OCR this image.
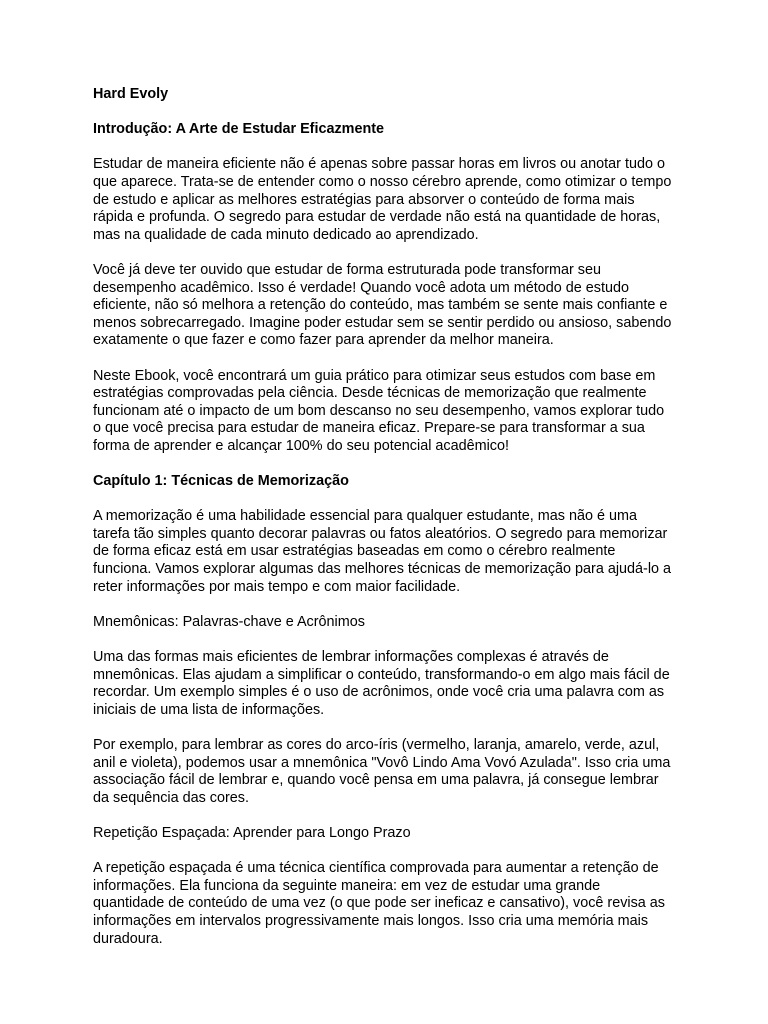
Hard Evoly

Introdução: A Arte de Estudar Eficazmente

Estudar de maneira eficiente não é apenas sobre passar horas em livros ou anotar tudo o que aparece. Trata-se de entender como o nosso cérebro aprende, como otimizar o tempo de estudo e aplicar as melhores estratégias para absorver o conteúdo de forma mais rápida e profunda. O segredo para estudar de verdade não está na quantidade de horas, mas na qualidade de cada minuto dedicado ao aprendizado.

Você já deve ter ouvido que estudar de forma estruturada pode transformar seu desempenho acadêmico. Isso é verdade! Quando você adota um método de estudo eficiente, não só melhora a retenção do conteúdo, mas também se sente mais confiante e menos sobrecarregado. Imagine poder estudar sem se sentir perdido ou ansioso, sabendo exatamente o que fazer e como fazer para aprender da melhor maneira.

Neste Ebook, você encontrará um guia prático para otimizar seus estudos com base em estratégias comprovadas pela ciência. Desde técnicas de memorização que realmente funcionam até o impacto de um bom descanso no seu desempenho, vamos explorar tudo o que você precisa para estudar de maneira eficaz. Prepare-se para transformar a sua forma de aprender e alcançar 100% do seu potencial acadêmico!

Capítulo 1: Técnicas de Memorização

A memorização é uma habilidade essencial para qualquer estudante, mas não é uma tarefa tão simples quanto decorar palavras ou fatos aleatórios. O segredo para memorizar de forma eficaz está em usar estratégias baseadas em como o cérebro realmente funciona. Vamos explorar algumas das melhores técnicas de memorização para ajudá-lo a reter informações por mais tempo e com maior facilidade.

Mnemônicas: Palavras-chave e Acrônimos

Uma das formas mais eficientes de lembrar informações complexas é através de mnemônicas. Elas ajudam a simplificar o conteúdo, transformando-o em algo mais fácil de recordar. Um exemplo simples é o uso de acrônimos, onde você cria uma palavra com as iniciais de uma lista de informações.

Por exemplo, para lembrar as cores do arco-íris (vermelho, laranja, amarelo, verde, azul, anil e violeta), podemos usar a mnemônica "Vovô Lindo Ama Vovó Azulada". Isso cria uma associação fácil de lembrar e, quando você pensa em uma palavra, já consegue lembrar da sequência das cores.

Repetição Espaçada: Aprender para Longo Prazo

A repetição espaçada é uma técnica científica comprovada para aumentar a retenção de informações. Ela funciona da seguinte maneira: em vez de estudar uma grande quantidade de conteúdo de uma vez (o que pode ser ineficaz e cansativo), você revisa as informações em intervalos progressivamente mais longos. Isso cria uma memória mais duradoura.
